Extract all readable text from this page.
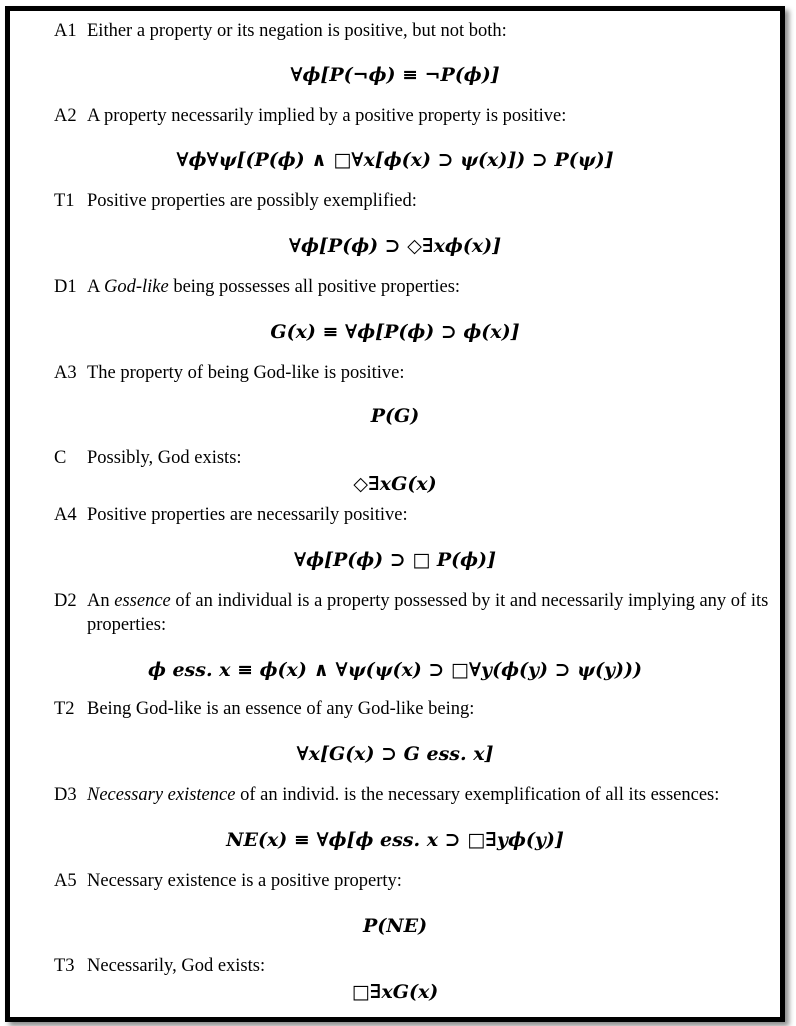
A1 Either a property or its negation is positive, but not both:
∀ϕ[P(¬ϕ) ≡ ¬P(ϕ)]
A2 A property necessarily implied by a positive property is positive:
∀ϕ∀ψ[(P(ϕ) ∧ □∀x[ϕ(x) ⊃ ψ(x)]) ⊃ P(ψ)]
T1 Positive properties are possibly exemplified:
∀ϕ[P(ϕ) ⊃ ◇∃xϕ(x)]
D1 A God-like being possesses all positive properties:
G(x) ≡ ∀ϕ[P(ϕ) ⊃ ϕ(x)]
A3 The property of being God-like is positive:
P(G)
C Possibly, God exists:
◇∃xG(x)
A4 Positive properties are necessarily positive:
∀ϕ[P(ϕ) ⊃ □ P(ϕ)]
D2 An essence of an individual is a property possessed by it and necessarily implying any of its properties:
ϕ ess. x ≡ ϕ(x) ∧ ∀ψ(ψ(x) ⊃ □∀y(ϕ(y) ⊃ ψ(y)))
T2 Being God-like is an essence of any God-like being:
∀x[G(x) ⊃ G ess. x]
D3 Necessary existence of an individ. is the necessary exemplification of all its essences:
NE(x) ≡ ∀ϕ[ϕ ess. x ⊃ □∃yϕ(y)]
A5 Necessary existence is a positive property:
P(NE)
T3 Necessarily, God exists:
□∃xG(x)
